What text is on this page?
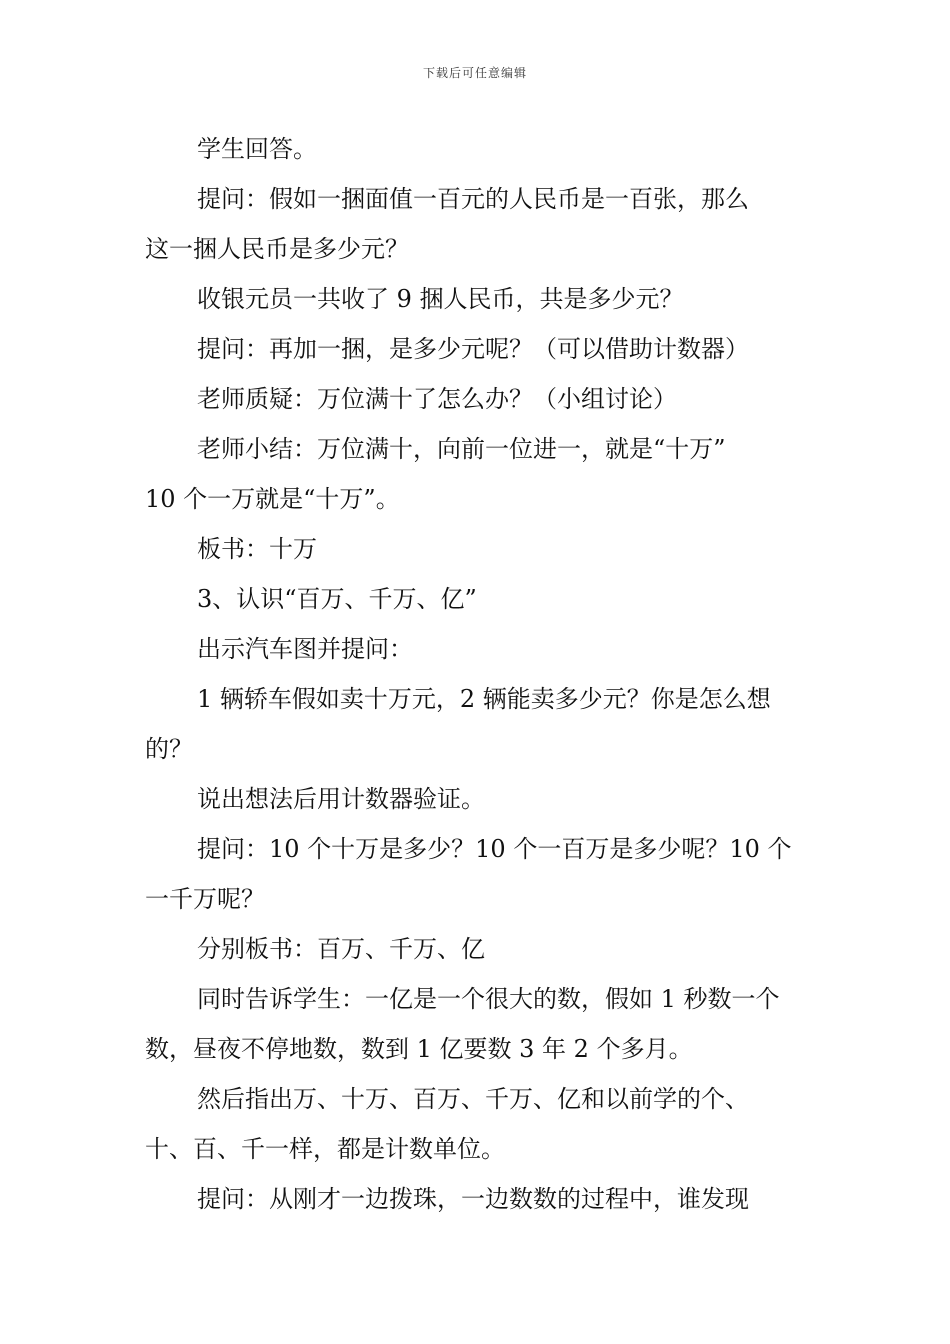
下载后可任意编辑
学生回答。
提问：假如一捆面值一百元的人民币是一百张，那么
这一捆人民币是多少元？
收银元员一共收了 9 捆人民币，共是多少元？
提问：再加一捆，是多少元呢？（可以借助计数器）
老师质疑：万位满十了怎么办？（小组讨论）
老师小结：万位满十，向前一位进一，就是“十万”
10 个一万就是“十万”。
板书：十万
3、认识“百万、千万、亿”
出示汽车图并提问：
1 辆轿车假如卖十万元，2 辆能卖多少元？你是怎么想
的？
说出想法后用计数器验证。
提问：10 个十万是多少？10 个一百万是多少呢？10 个
一千万呢？
分别板书：百万、千万、亿
同时告诉学生：一亿是一个很大的数，假如 1 秒数一个
数，昼夜不停地数，数到 1 亿要数 3 年 2 个多月。
然后指出万、十万、百万、千万、亿和以前学的个、
十、百、千一样，都是计数单位。
提问：从刚才一边拨珠，一边数数的过程中，谁发现
